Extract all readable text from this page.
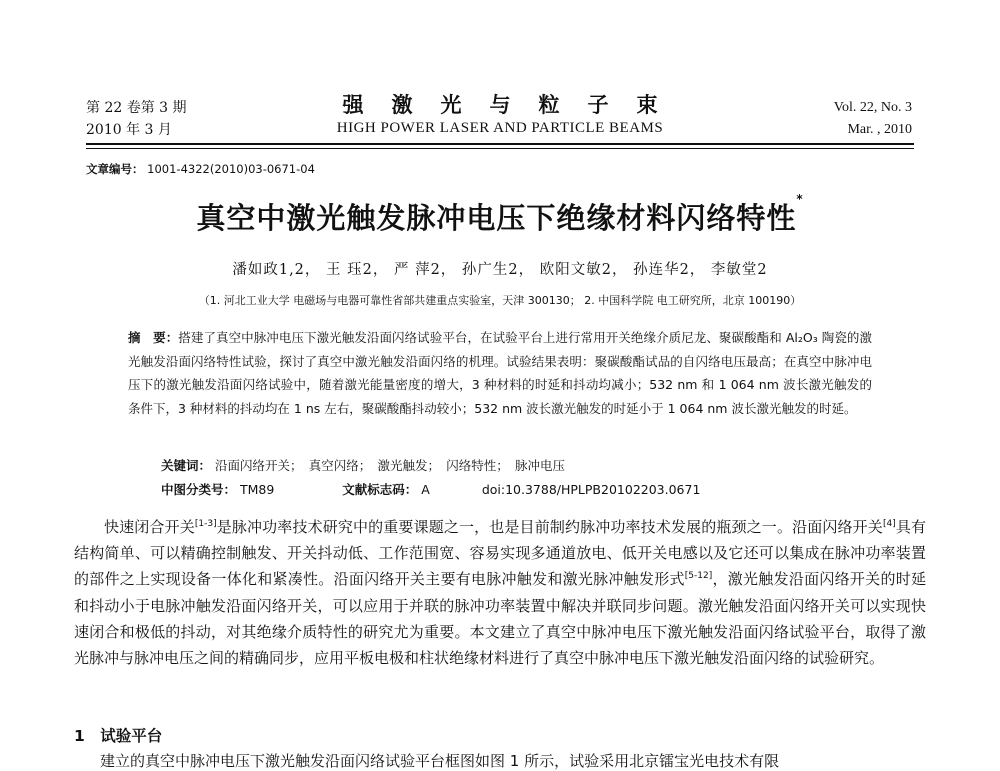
第 22 卷第 3 期
2010 年 3 月
强激光与粒子束
HIGH POWER LASER AND PARTICLE BEAMS
Vol. 22, No. 3
Mar. , 2010
文章编号： 1001-4322(2010)03-0671-04
真空中激光触发脉冲电压下绝缘材料闪络特性*
潘如政1,2， 王 珏2， 严 萍2， 孙广生2， 欧阳文敏2， 孙连华2， 李敏堂2
（1. 河北工业大学 电磁场与电器可靠性省部共建重点实验室，天津 300130； 2. 中国科学院 电工研究所，北京 100190）
摘　要：搭建了真空中脉冲电压下激光触发沿面闪络试验平台，在试验平台上进行常用开关绝缘介质尼龙、聚碳酸酯和 Al₂O₃ 陶瓷的激光触发沿面闪络特性试验，探讨了真空中激光触发沿面闪络的机理。试验结果表明：聚碳酸酯试品的自闪络电压最高；在真空中脉冲电压下的激光触发沿面闪络试验中，随着激光能量密度的增大，3 种材料的时延和抖动均减小；532 nm 和 1 064 nm 波长激光触发的条件下，3 种材料的抖动均在 1 ns 左右，聚碳酸酯抖动较小；532 nm 波长激光触发的时延小于 1 064 nm 波长激光触发的时延。
关键词： 沿面闪络开关；　真空闪络；　激光触发；　闪络特性；　脉冲电压
中图分类号： TM89	文献标志码： A	doi:10.3788/HPLPB20102203.0671
快速闭合开关[1-3]是脉冲功率技术研究中的重要课题之一，也是目前制约脉冲功率技术发展的瓶颈之一。沿面闪络开关[4]具有结构简单、可以精确控制触发、开关抖动低、工作范围宽、容易实现多通道放电、低开关电感以及它还可以集成在脉冲功率装置的部件之上实现设备一体化和紧凑性。沿面闪络开关主要有电脉冲触发和激光脉冲触发形式[5-12]，激光触发沿面闪络开关的时延和抖动小于电脉冲触发沿面闪络开关，可以应用于并联的脉冲功率装置中解决并联同步问题。激光触发沿面闪络开关可以实现快速闭合和极低的抖动，对其绝缘介质特性的研究尤为重要。本文建立了真空中脉冲电压下激光触发沿面闪络试验平台，取得了激光脉冲与脉冲电压之间的精确同步，应用平板电极和柱状绝缘材料进行了真空中脉冲电压下激光触发沿面闪络的试验研究。
1　试验平台
建立的真空中脉冲电压下激光触发沿面闪络试验平台框图如图 1 所示，试验采用北京镭宝光电技术有限
